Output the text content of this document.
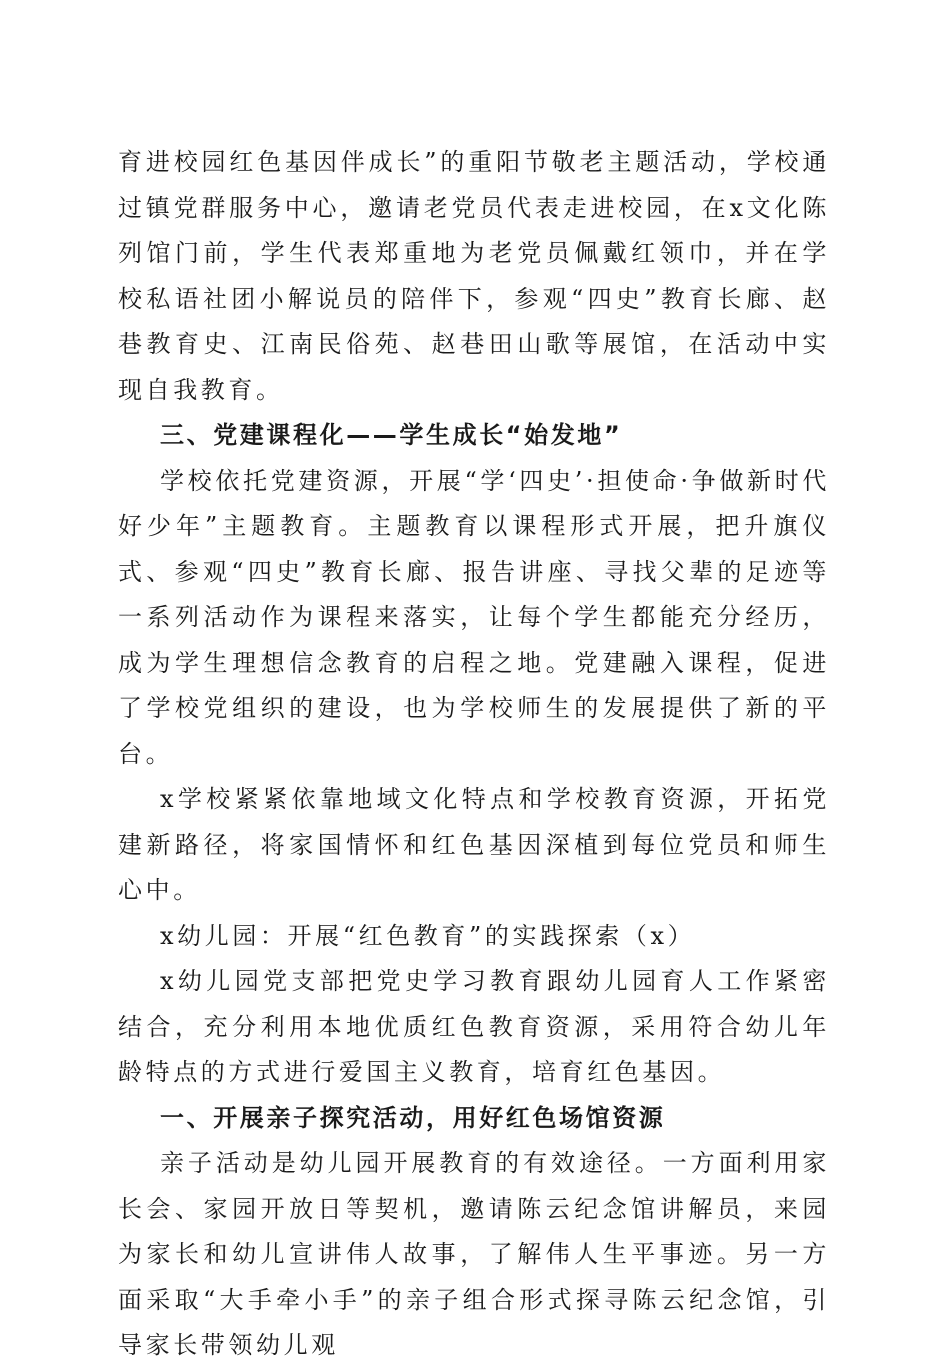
育进校园红色基因伴成长”的重阳节敬老主题活动，学校通过镇党群服务中心，邀请老党员代表走进校园，在x文化陈列馆门前，学生代表郑重地为老党员佩戴红领巾，并在学校私语社团小解说员的陪伴下，参观“四史”教育长廊、赵巷教育史、江南民俗苑、赵巷田山歌等展馆，在活动中实现自我教育。

三、党建课程化——学生成长“始发地”

学校依托党建资源，开展“学‘四史’·担使命·争做新时代好少年”主题教育。主题教育以课程形式开展，把升旗仪式、参观“四史”教育长廊、报告讲座、寻找父辈的足迹等一系列活动作为课程来落实，让每个学生都能充分经历，成为学生理想信念教育的启程之地。党建融入课程，促进了学校党组织的建设，也为学校师生的发展提供了新的平台。

x学校紧紧依靠地域文化特点和学校教育资源，开拓党建新路径，将家国情怀和红色基因深植到每位党员和师生心中。

x幼儿园：开展“红色教育”的实践探索（x）

x幼儿园党支部把党史学习教育跟幼儿园育人工作紧密结合，充分利用本地优质红色教育资源，采用符合幼儿年龄特点的方式进行爱国主义教育，培育红色基因。

一、开展亲子探究活动，用好红色场馆资源

亲子活动是幼儿园开展教育的有效途径。一方面利用家长会、家园开放日等契机，邀请陈云纪念馆讲解员，来园为家长和幼儿宣讲伟人故事，了解伟人生平事迹。另一方面采取“大手牵小手”的亲子组合形式探寻陈云纪念馆，引导家长带领幼儿观
